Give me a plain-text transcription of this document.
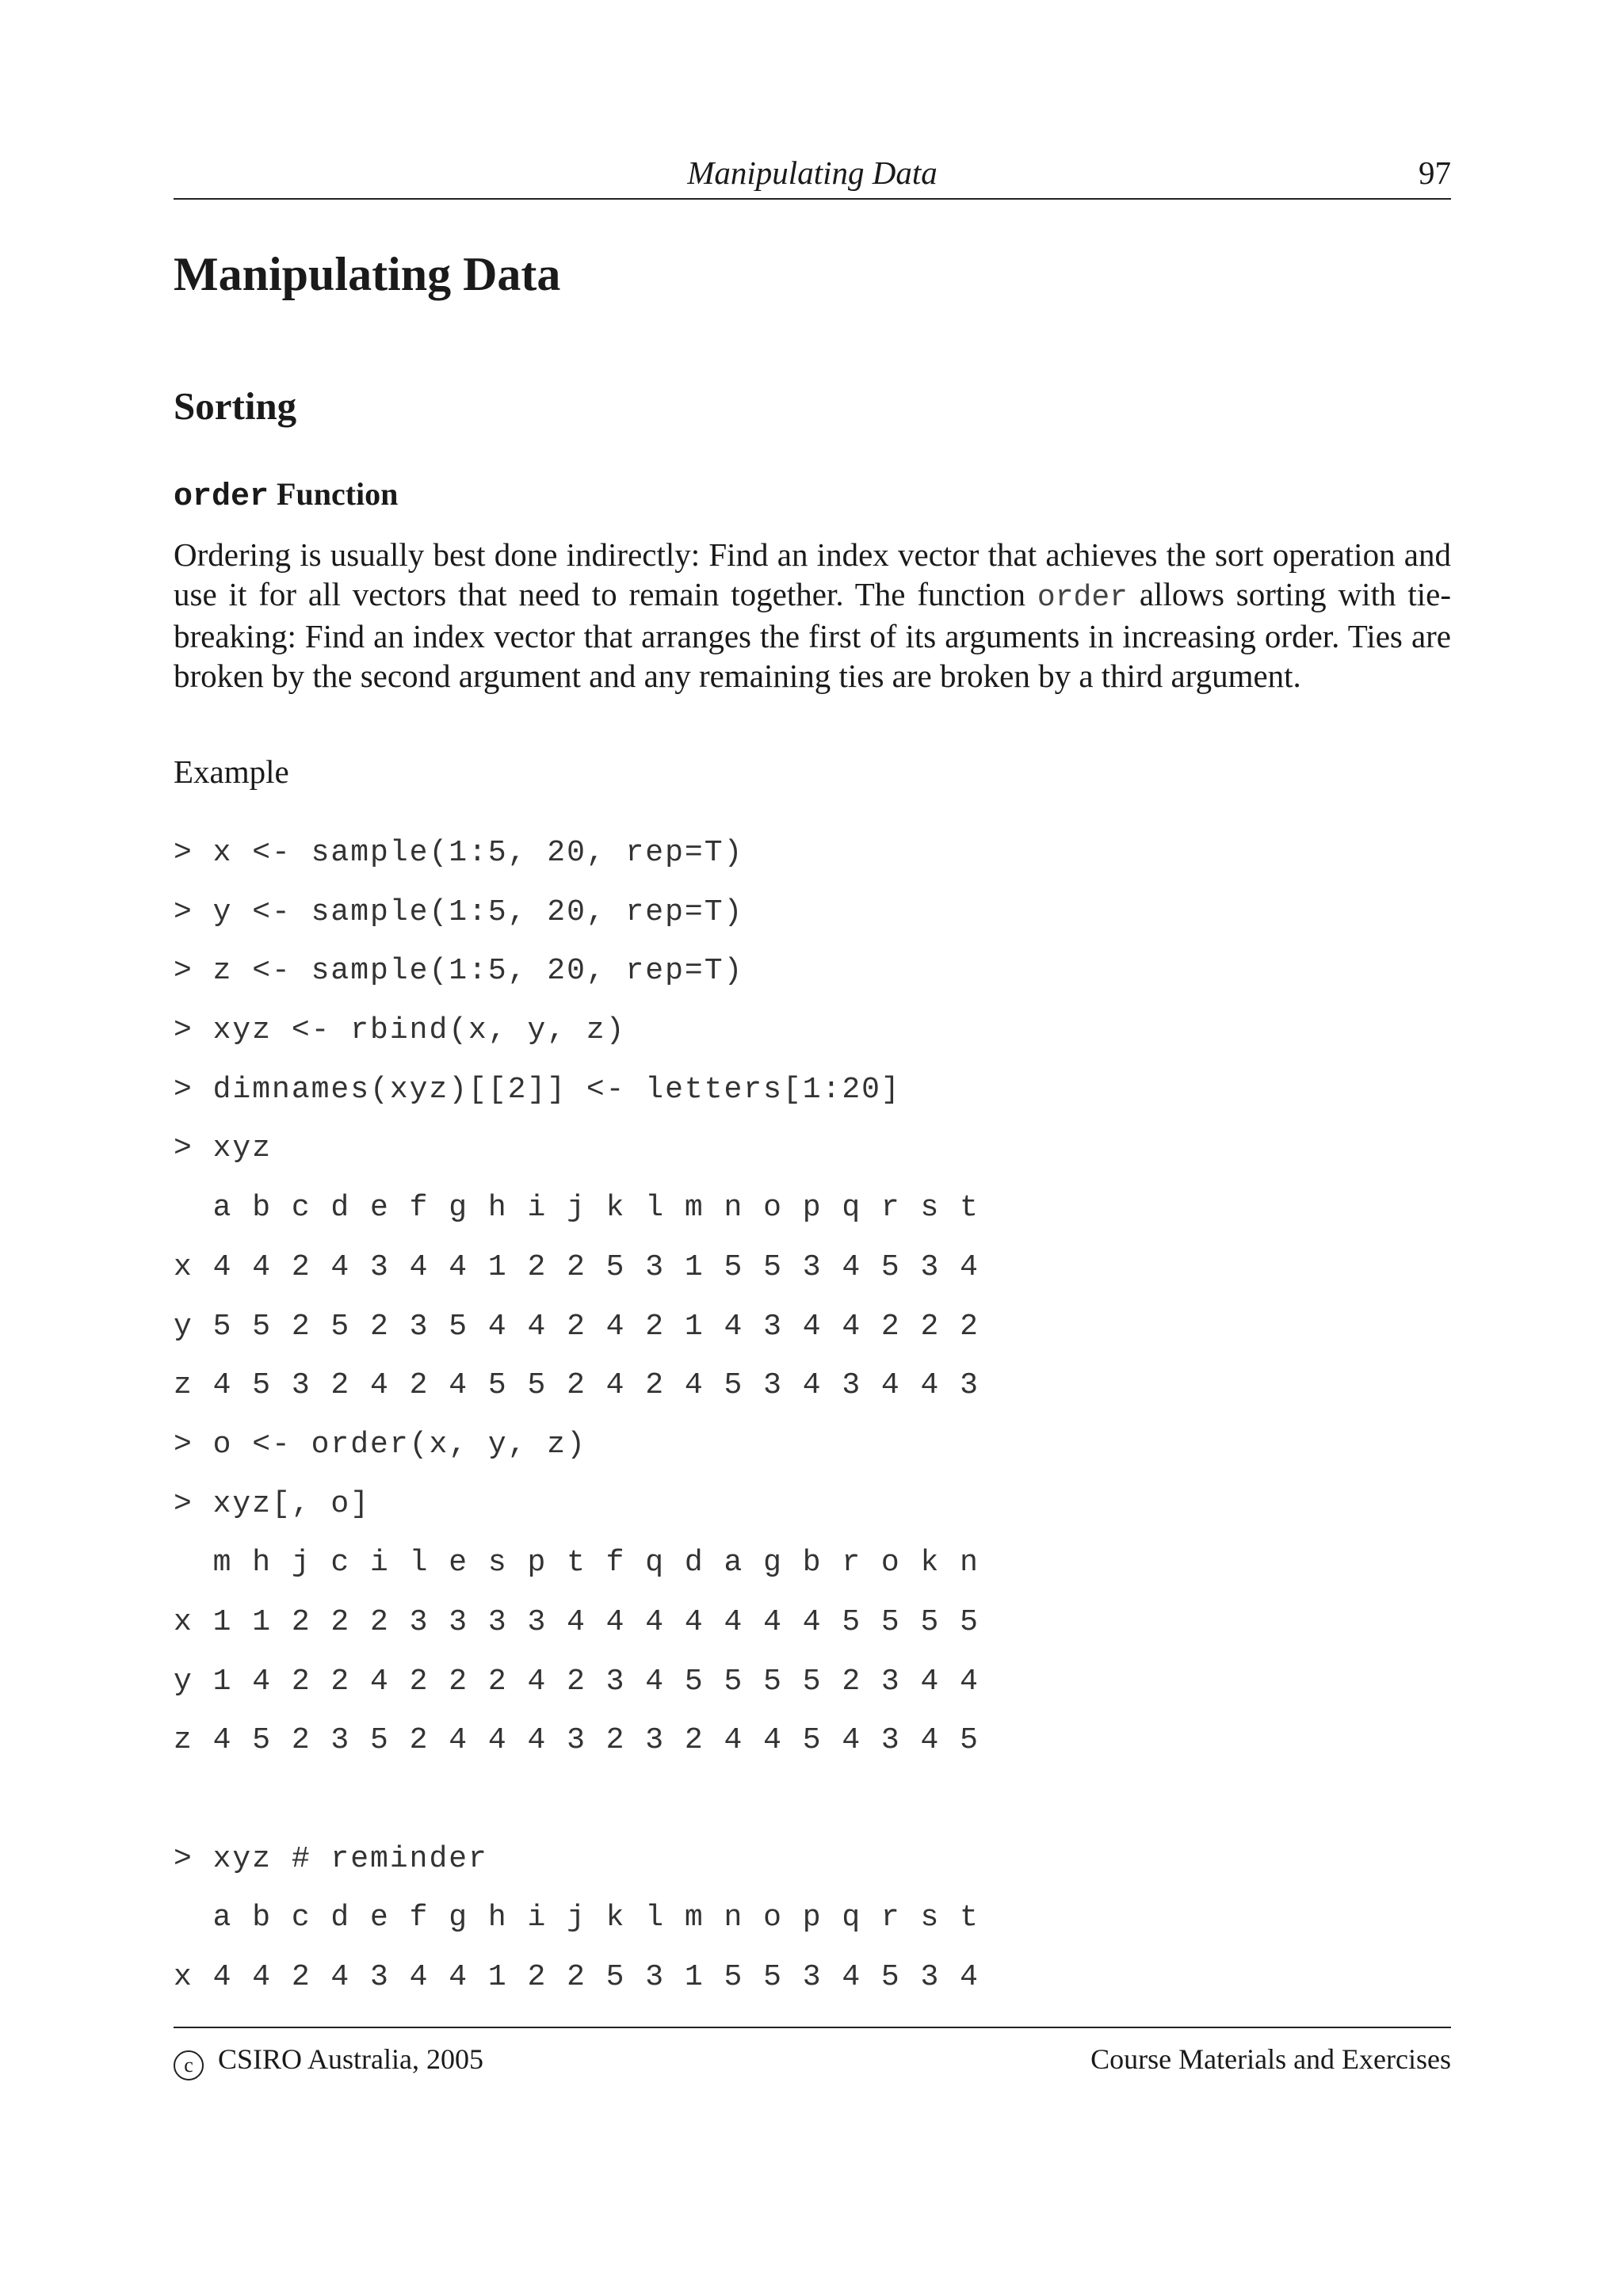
Manipulating Data	97
Manipulating Data
Sorting
order Function

Ordering is usually best done indirectly: Find an index vector that achieves the sort operation and use it for all vectors that need to remain together. The function order allows sorting with tie-breaking: Find an index vector that arranges the first of its arguments in increasing order. Ties are broken by the second argument and any remaining ties are broken by a third argument.

Example

> x <- sample(1:5, 20, rep=T)
> y <- sample(1:5, 20, rep=T)
> z <- sample(1:5, 20, rep=T)
> xyz <- rbind(x, y, z)
> dimnames(xyz)[[2]] <- letters[1:20]
> xyz
a b c d e f g h i j k l m n o p q r s t
x 4 4 2 4 3 4 4 1 2 2 5 3 1 5 5 3 4 5 3 4
y 5 5 2 5 2 3 5 4 4 2 4 2 1 4 3 4 4 2 2 2
z 4 5 3 2 4 2 4 5 5 2 4 2 4 5 3 4 3 4 4 3
> o <- order(x, y, z)
> xyz[, o]
m h j c i l e s p t f q d a g b r o k n
x 1 1 2 2 2 3 3 3 3 4 4 4 4 4 4 4 5 5 5 5
y 1 4 2 2 4 2 2 2 4 2 3 4 5 5 5 5 2 3 4 4
z 4 5 2 3 5 2 4 4 4 3 2 3 2 4 4 5 4 3 4 5
> xyz # reminder
a b c d e f g h i j k l m n o p q r s t
x 4 4 2 4 3 4 4 1 2 2 5 3 1 5 5 3 4 5 3 4
c CSIRO Australia, 2005	Course Materials and Exercises
